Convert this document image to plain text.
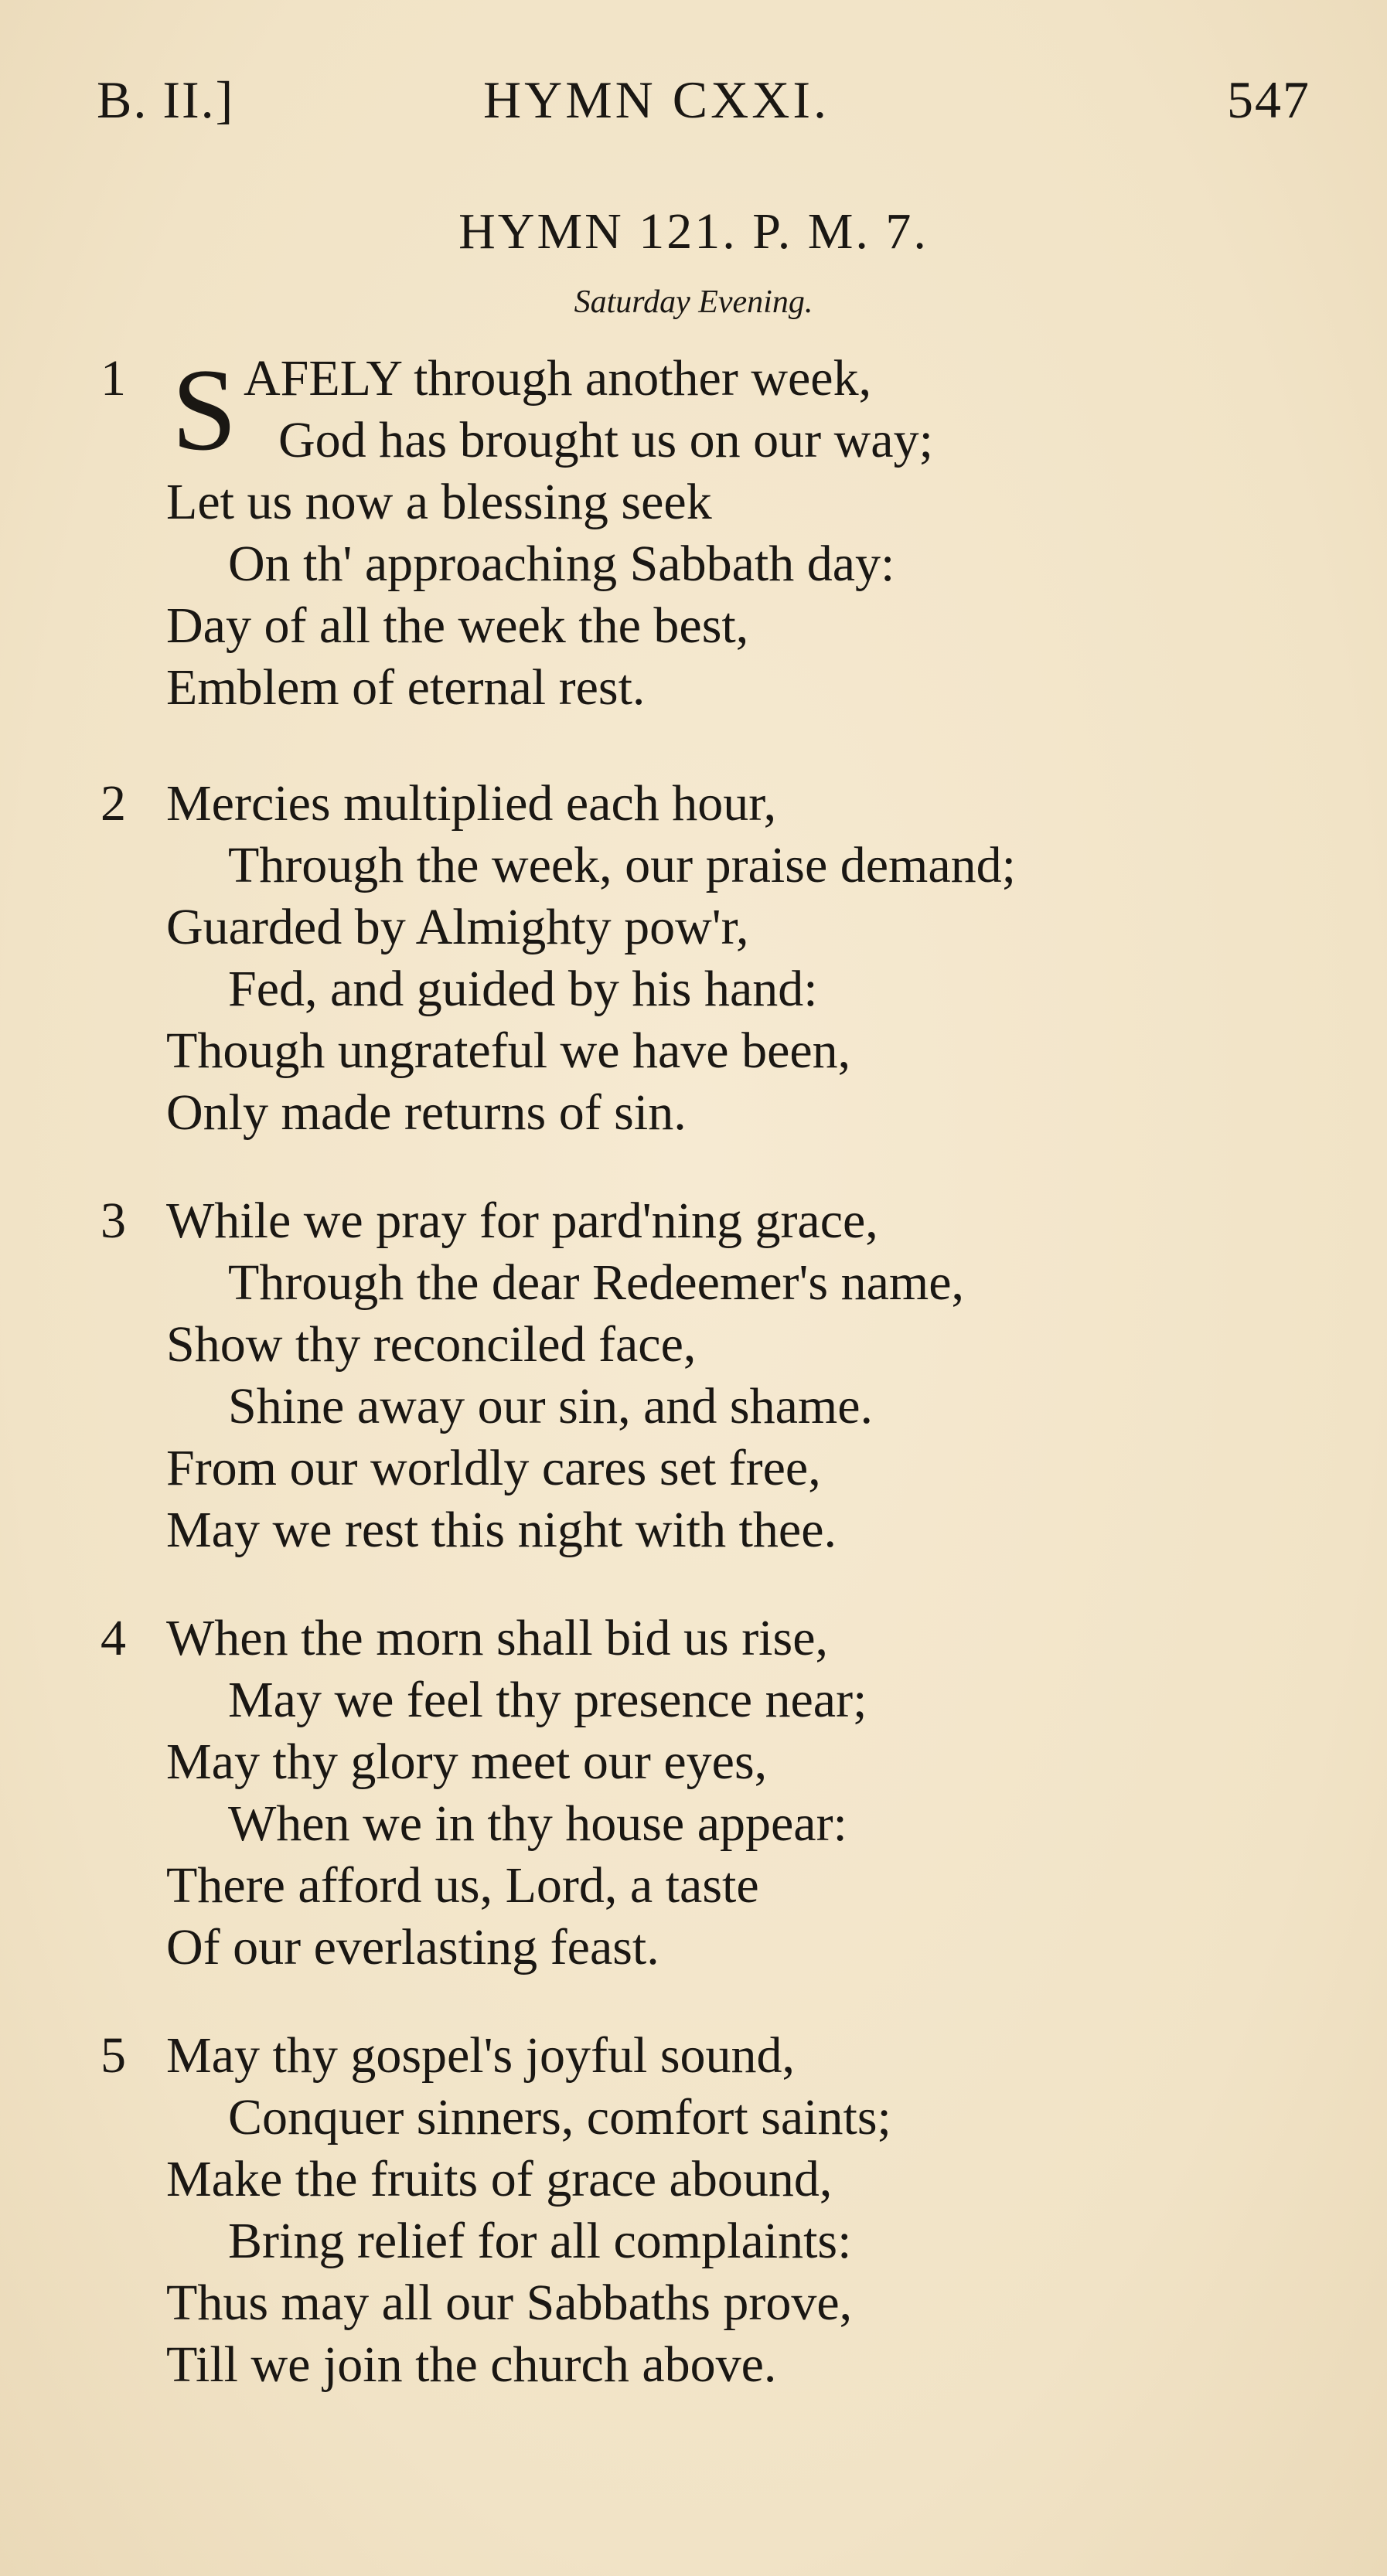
B. II.]	HYMN CXXI.	547
HYMN 121. P. M. 7.
Saturday Evening.
1 AFELY through another week,
S God has brought us on our way;
Let us now a blessing seek
On th' approaching Sabbath day:
Day of all the week the best,
Emblem of eternal rest.
2 Mercies multiplied each hour,
Through the week, our praise demand;
Guarded by Almighty pow'r,
Fed, and guided by his hand:
Though ungrateful we have been,
Only made returns of sin.
3 While we pray for pard'ning grace,
Through the dear Redeemer's name,
Show thy reconciled face,
Shine away our sin, and shame.
From our worldly cares set free,
May we rest this night with thee.
4 When the morn shall bid us rise,
May we feel thy presence near;
May thy glory meet our eyes,
When we in thy house appear:
There afford us, Lord, a taste
Of our everlasting feast.
5 May thy gospel's joyful sound,
Conquer sinners, comfort saints;
Make the fruits of grace abound,
Bring relief for all complaints:
Thus may all our Sabbaths prove,
Till we join the church above.
